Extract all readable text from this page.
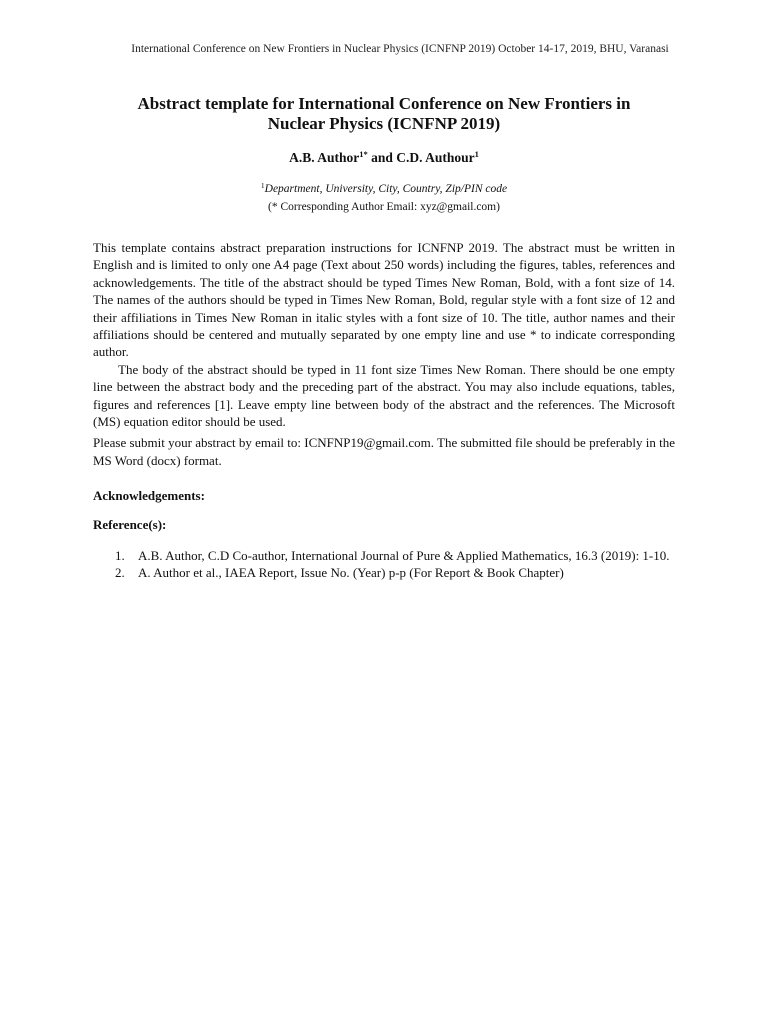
International Conference on New Frontiers in Nuclear Physics (ICNFNP 2019) October 14-17, 2019, BHU, Varanasi
Abstract template for International Conference on New Frontiers in
Nuclear Physics (ICNFNP 2019)
A.B. Author$^{1*}$ and C.D. Authour$^1$
$^1$Department, University, City, Country, Zip/PIN code
(* Corresponding Author Email: xyz@gmail.com)

This template contains abstract preparation instructions for ICNFNP 2019. The abstract must be written in English and is limited to only one A4 page (Text about 250 words) including the figures, tables, references and acknowledgements. The title of the abstract should be typed Times New Roman, Bold, with a font size of 14. The names of the authors should be typed in Times New Roman, Bold, regular style with a font size of 12 and their affiliations in Times New Roman in italic styles with a font size of 10. The title, author names and their affiliations should be centered and mutually separated by one empty line and use * to indicate corresponding author.

The body of the abstract should be typed in 11 font size Times New Roman. There should be one empty line between the abstract body and the preceding part of the abstract. You may also include equations, tables, figures and references [1]. Leave empty line between body of the abstract and the references. The Microsoft (MS) equation editor should be used.

Please submit your abstract by email to: ICNFNP19@gmail.com. The submitted file should be preferably in the MS Word (docx) format.

Acknowledgements:
Reference(s):
1. A.B. Author, C.D Co-author, International Journal of Pure & Applied Mathematics, 16.3 (2019): 1-10.
2. A. Author et al., IAEA Report, Issue No. (Year) p-p (For Report & Book Chapter)
